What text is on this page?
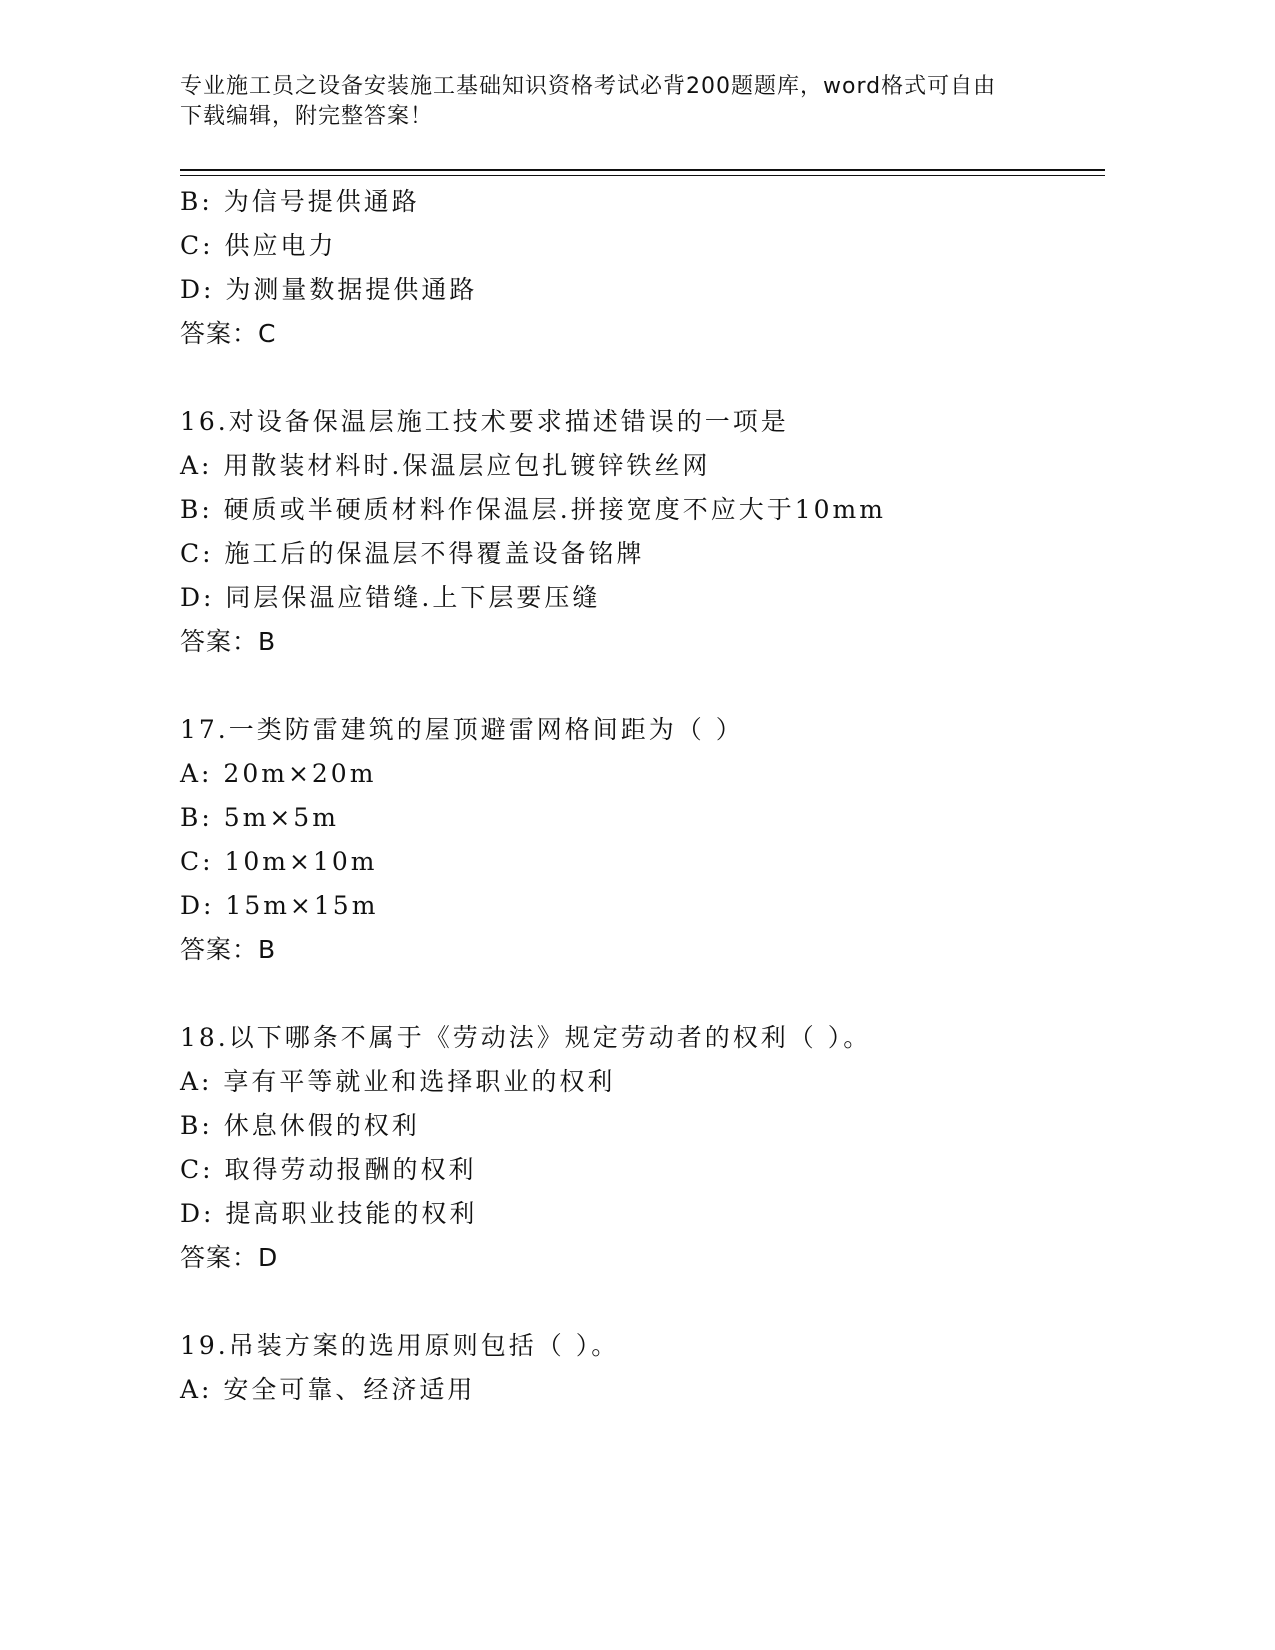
专业施工员之设备安装施工基础知识资格考试必背200题题库，word格式可自由
下载编辑，附完整答案！
B: 为信号提供通路
C: 供应电力
D: 为测量数据提供通路
答案：C
16.对设备保温层施工技术要求描述错误的一项是
A: 用散装材料时.保温层应包扎镀锌铁丝网
B: 硬质或半硬质材料作保温层.拼接宽度不应大于10mm
C: 施工后的保温层不得覆盖设备铭牌
D: 同层保温应错缝.上下层要压缝
答案：B
17.一类防雷建筑的屋顶避雷网格间距为（ ）
A: 20m×20m
B: 5m×5m
C: 10m×10m
D: 15m×15m
答案：B
18.以下哪条不属于《劳动法》规定劳动者的权利（ ）。
A: 享有平等就业和选择职业的权利
B: 休息休假的权利
C: 取得劳动报酬的权利
D: 提高职业技能的权利
答案：D
19.吊装方案的选用原则包括（ ）。
A: 安全可靠、经济适用
